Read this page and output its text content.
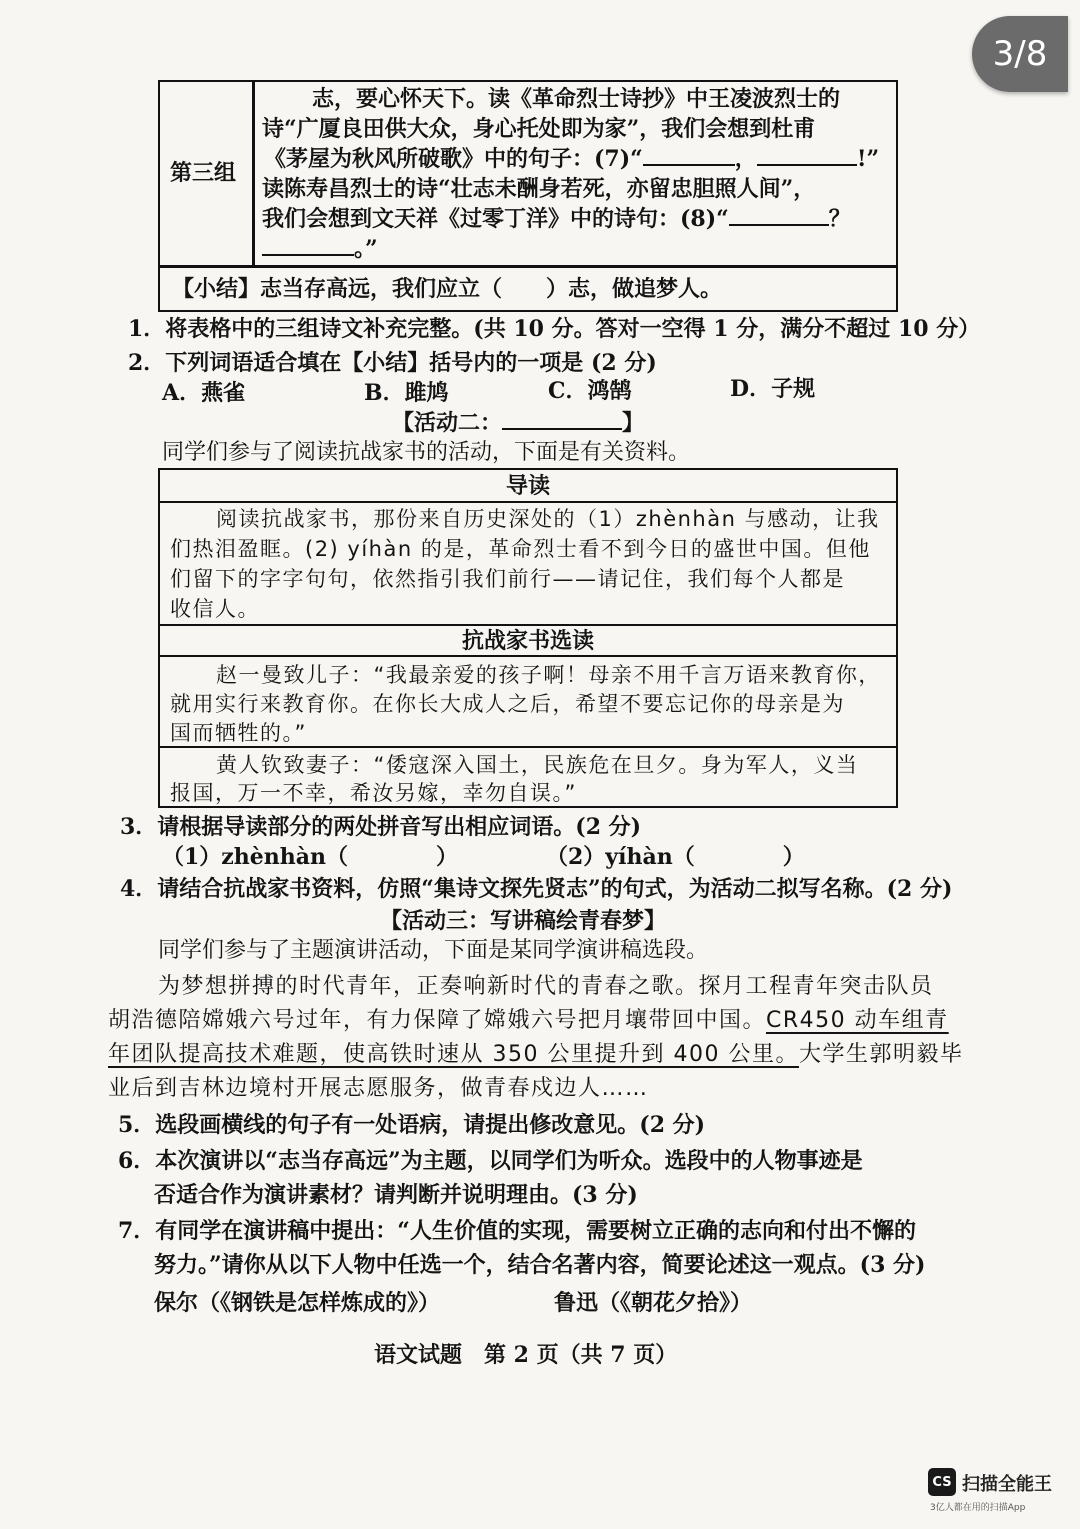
3/8
第三组
志，要心怀天下。读《革命烈士诗抄》中王凌波烈士的
诗“广厦良田供大众，身心托处即为家”，我们会想到杜甫
《茅屋为秋风所破歌》中的句子：(7)“	，	!”
读陈寿昌烈士的诗“壮志未酬身若死，亦留忠胆照人间”，
我们会想到文天祥《过零丁洋》中的诗句：(8)“	？
。”
【小结】志当存高远，我们应立（　　）志，做追梦人。
1．将表格中的三组诗文补充完整。(共 10 分。答对一空得 1 分，满分不超过 10 分）
2．下列词语适合填在【小结】括号内的一项是 (2 分)
A．燕雀	B．雎鸠	C．鸿鹄	D．子规
【活动二：	】
同学们参与了阅读抗战家书的活动，下面是有关资料。
导读
阅读抗战家书，那份来自历史深处的（1）zhènhàn 与感动，让我
们热泪盈眶。(2) yíhàn 的是，革命烈士看不到今日的盛世中国。但他
们留下的字字句句，依然指引我们前行——请记住，我们每个人都是
收信人。
抗战家书选读
赵一曼致儿子：“我最亲爱的孩子啊！母亲不用千言万语来教育你，
就用实行来教育你。在你长大成人之后，希望不要忘记你的母亲是为
国而牺牲的。”
黄人钦致妻子：“倭寇深入国土，民族危在旦夕。身为军人，义当
报国，万一不幸，希汝另嫁，幸勿自误。”
3．请根据导读部分的两处拼音写出相应词语。(2 分)
（1）zhènhàn（　　　　）	（2）yíhàn（　　　　）
4．请结合抗战家书资料，仿照“集诗文探先贤志”的句式，为活动二拟写名称。(2 分)
【活动三：写讲稿绘青春梦】
同学们参与了主题演讲活动，下面是某同学演讲稿选段。
为梦想拼搏的时代青年，正奏响新时代的青春之歌。探月工程青年突击队员
胡浩德陪嫦娥六号过年，有力保障了嫦娥六号把月壤带回中国。CR450 动车组青
年团队提高技术难题，使高铁时速从 350 公里提升到 400 公里。大学生郭明毅毕
业后到吉林边境村开展志愿服务，做青春戍边人……
5．选段画横线的句子有一处语病，请提出修改意见。(2 分)
6．本次演讲以“志当存高远”为主题，以同学们为听众。选段中的人物事迹是
否适合作为演讲素材？请判断并说明理由。(3 分)
7．有同学在演讲稿中提出：“人生价值的实现，需要树立正确的志向和付出不懈的
努力。”请你从以下人物中任选一个，结合名著内容，简要论述这一观点。(3 分)
保尔（《钢铁是怎样炼成的》）	鲁迅（《朝花夕拾》）
语文试题　第 2 页（共 7 页）
CS 扫描全能王
3亿人都在用的扫描App
